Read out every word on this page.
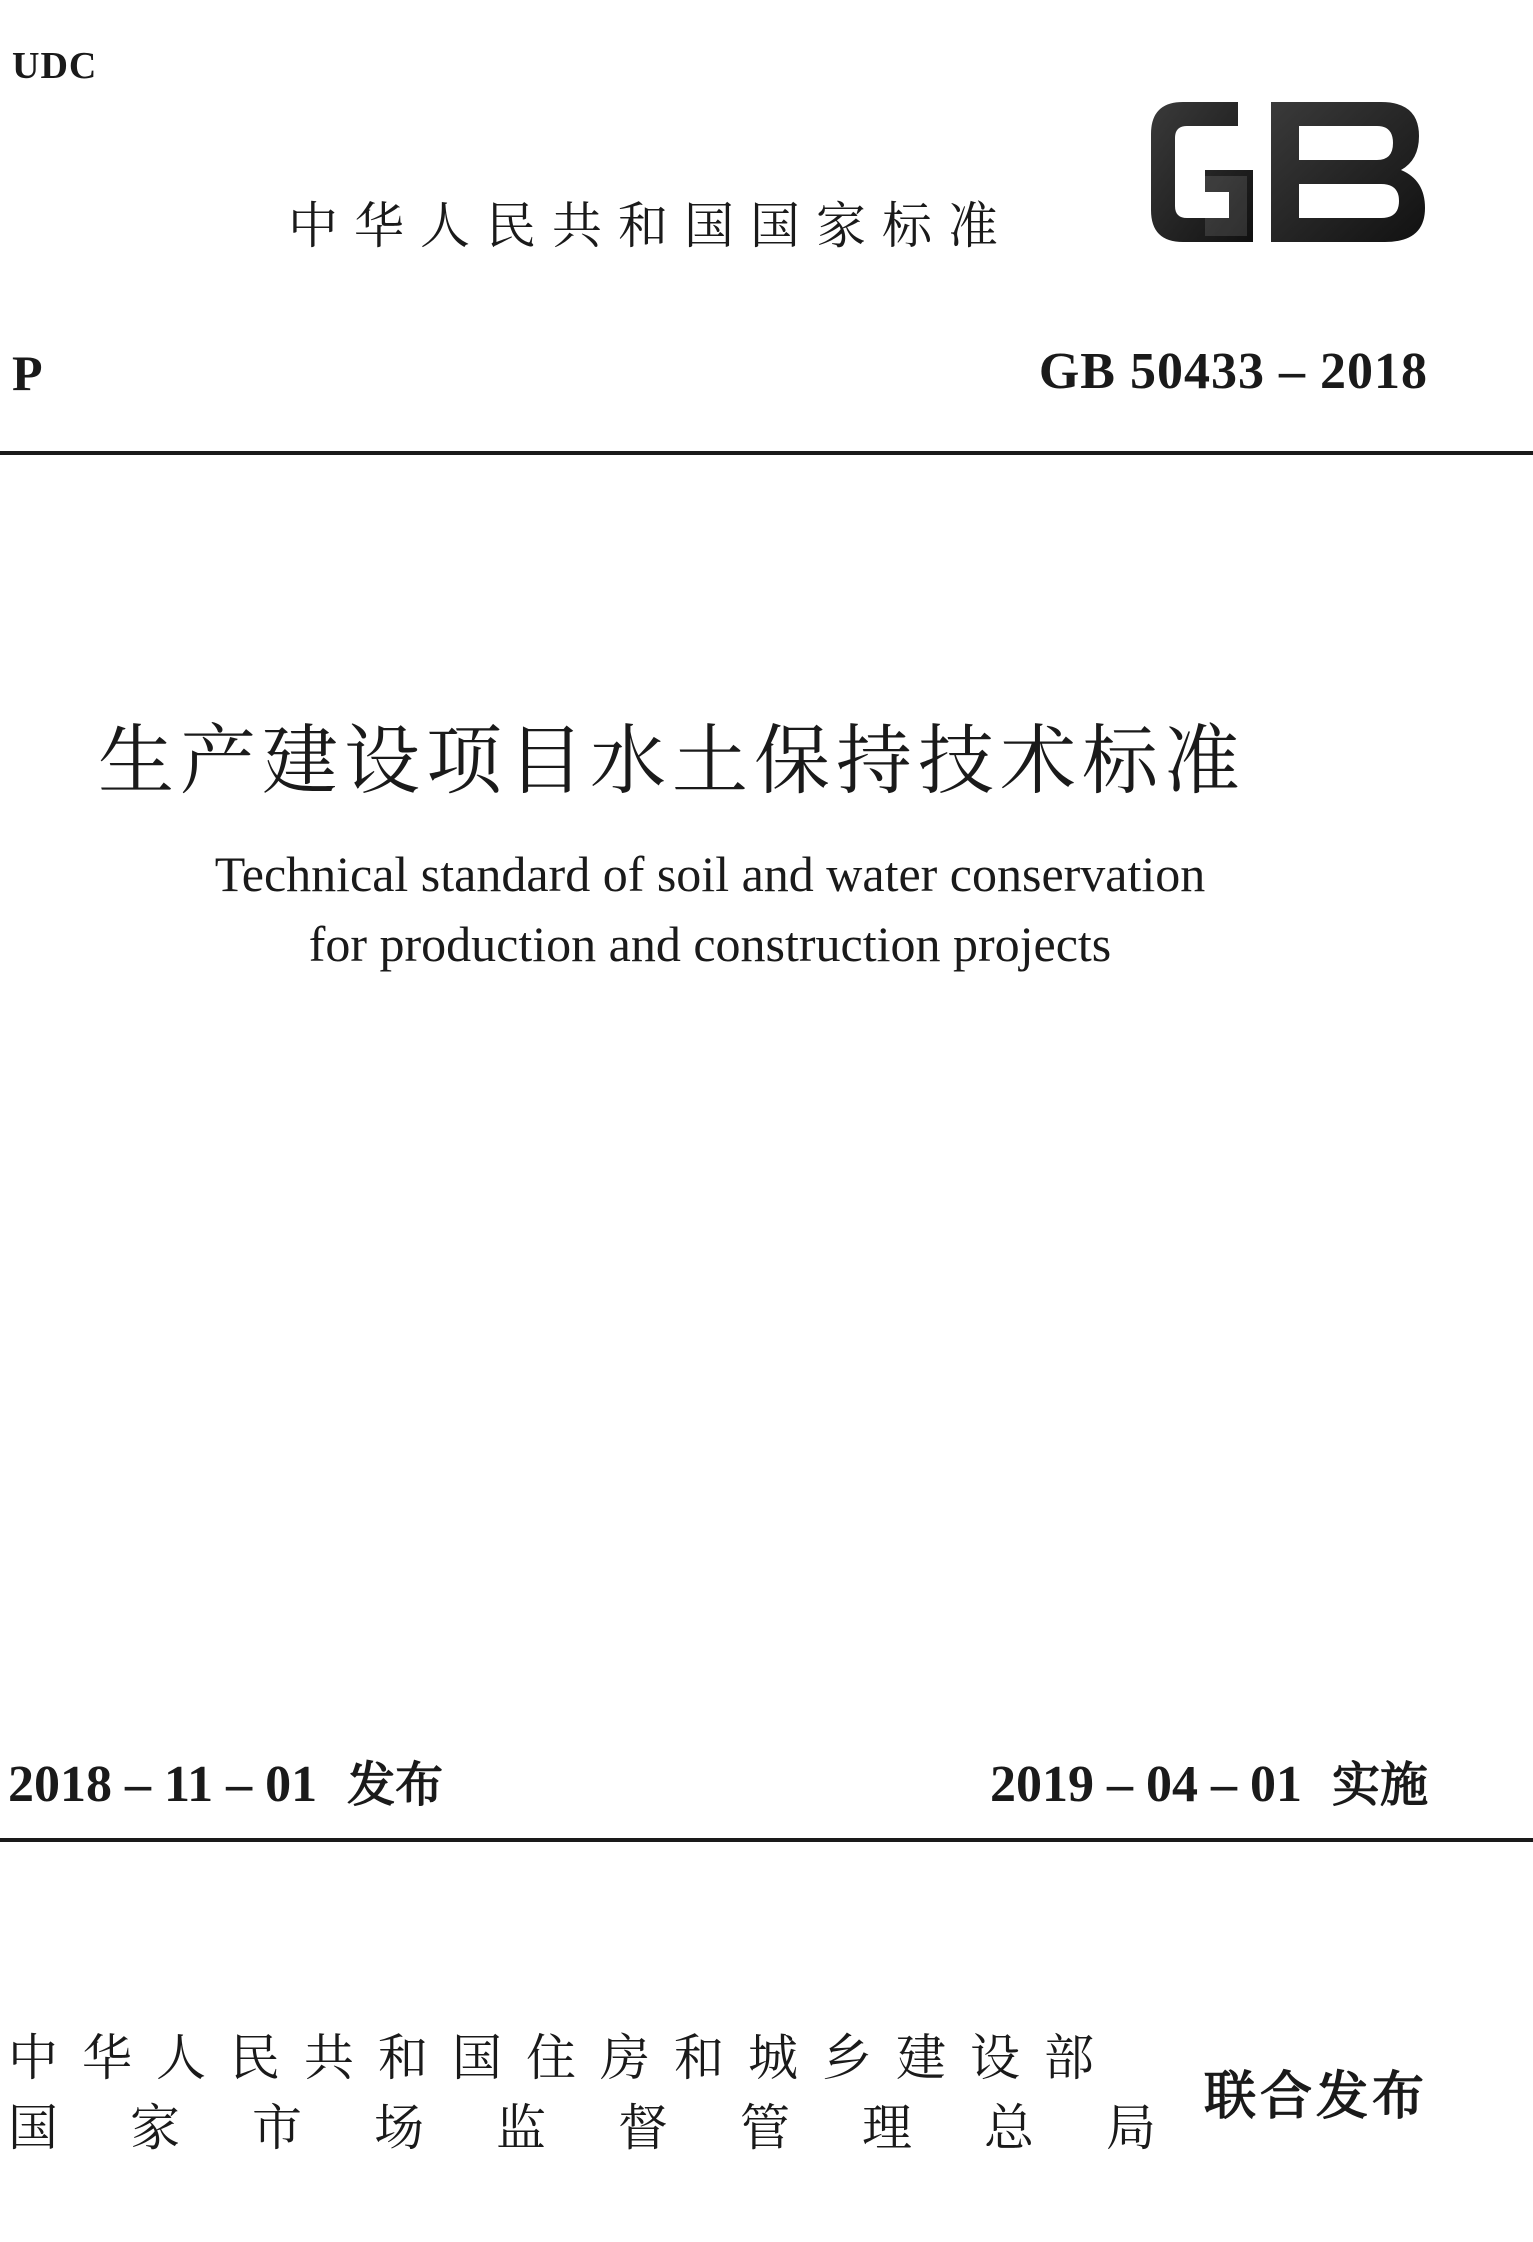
UDC
中华人民共和国国家标准
P	GB 50433 – 2018
生产建设项目水土保持技术标准
Technical standard of soil and water conservation
for production and construction projects
2018 – 11 – 01 发布	2019 – 04 – 01 实施
中华人民共和国住房和城乡建设部
国家市场监督管理总局
联合发布
